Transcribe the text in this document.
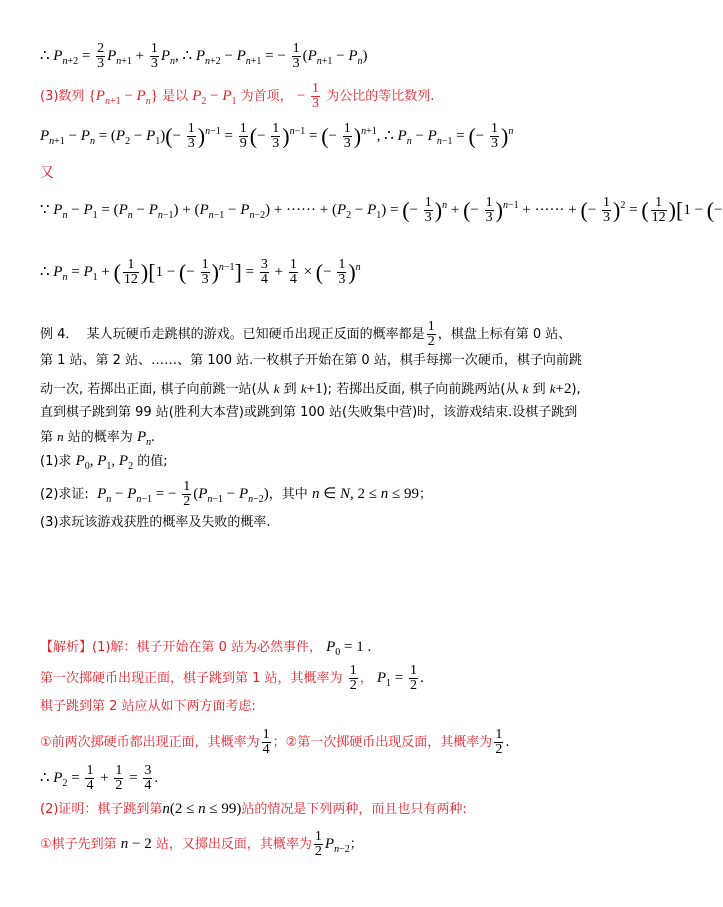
∴ $P_{n+2} = \frac{2}{3} P_{n+1} + \frac{1}{3} P_n$, ∴ $P_{n+2} - P_{n+1}$ = − $\frac{1}{3} (P_{n+1} - P_n)$
(3)数列 $\{P_{n+1} - P_n\}$ 是以 $P_2 - P_1$ 为首项， − $\frac{1}{3}$ 为公比的等比数列.
$P_{n+1} - P_n = (P_2 - P_1)(- \frac{1}{3} )^{n-1} = \frac{1}{9}$ (− $\frac{1}{3} )^{n-1}$ = (− $\frac{1}{3} )^{n+1}$, ∴ $P_n - P_{n-1}$ = (− $\frac{1}{3} )^n$
又
∵ $P_n - P_1 = (P_n - P_{n-1}) + (P_{n-1} - P_{n-2})$ + ······ + $(P_2 - P_1)$ = (− $\frac{1}{3} )^n$ + (− $\frac{1}{3} )^{n-1}$ + ······ + (− $\frac{1}{3} )^2$ = ( $\frac{1}{12} )[1$ − (−
∴ $P_n = P_1$ + ( $\frac{1}{12} )[1$ − (− $\frac{1}{3} )^{n-1}] = \frac{3}{4} + \frac{1}{4}$ × (− $\frac{1}{3} )^n$
例 4． 某人玩硬币走跳棋的游戏。已知硬币出现正反面的概率都是 $\frac{1}{2}$ ，棋盘上标有第 0 站、
第 1 站、第 2 站、……、第 100 站.一枚棋子开始在第 0 站，棋手每掷一次硬币，棋子向前跳
动一次, 若掷出正面, 棋子向前跳一站(从 k 到 k+1); 若掷出反面, 棋子向前跳两站(从 k 到 k+2),
直到棋子跳到第 99 站(胜利大本营)或跳到第 100 站(失败集中营)时，该游戏结束.设棋子跳到
第 n 站的概率为 $P_n$.
(1)求 $P_0$, $P_1$, $P_2$ 的值;
(2)求证: $P_n - P_{n-1}$ = − $\frac{1}{2} (P_{n-1} - P_{n-2})$，其中 n ∈ N, 2 ≤ n ≤ 99；
(3)求玩该游戏获胜的概率及失败的概率.
【解析】(1)解：棋子开始在第 0 站为必然事件， $P_0 = 1$ .
第一次掷硬币出现正面，棋子跳到第 1 站，其概率为 $\frac{1}{2}$ ， $P_1 = \frac{1}{2}$ .
棋子跳到第 2 站应从如下两方面考虑:
①前两次掷硬币都出现正面，其概率为 $\frac{1}{4}$ ；②第一次掷硬币出现反面，其概率为 $\frac{1}{2}$ .
∴ $P_2 = \frac{1}{4} + \frac{1}{2} = \frac{3}{4}$ .
(2)证明：棋子跳到第n(2 ≤ n ≤ 99)站的情况是下列两种，而且也只有两种:
①棋子先到第 n − 2 站，又掷出反面，其概率为 $\frac{1}{2} P_{n-2}$；
